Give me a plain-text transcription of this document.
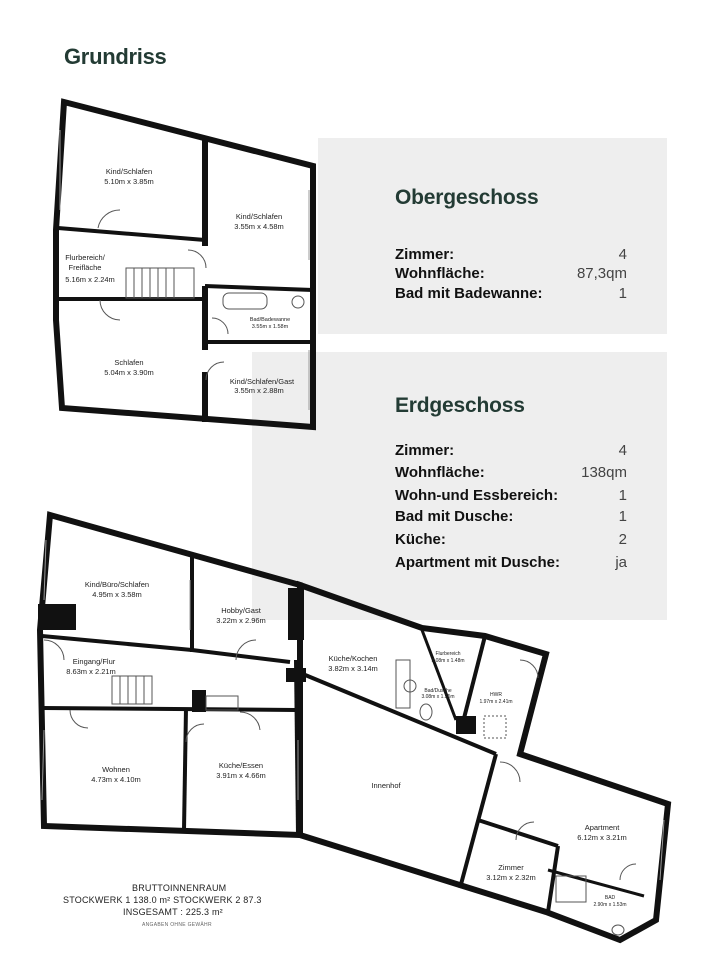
Grundriss
Obergeschoss
Zimmer:	4
Wohnfläche:	87,3qm
Bad mit Badewanne:	1
Erdgeschoss
Zimmer:	4
Wohnfläche:	138qm
Wohn-und Essbereich:	1
Bad mit Dusche:	1
Küche:	2
Apartment mit Dusche:	ja
Kind/Schlafen
5.10m x 3.85m
Kind/Schlafen
3.55m x 4.58m
Flurbereich/
Freifläche
5.16m x 2.24m
Schlafen
5.04m x 3.90m
Kind/Schlafen/Gast
3.55m x 2.88m
Bad/Badewanne
3.55m x 1.58m
Kind/Büro/Schlafen
4.95m x 3.58m
Hobby/Gast
3.22m x 2.96m
Küche/Kochen
3.82m x 3.14m
Eingang/Flur
8.63m x 2.21m
Wohnen
4.73m x 4.10m
Küche/Essen
3.91m x 4.66m
Innenhof
Apartment
6.12m x 3.21m
Zimmer
3.12m x 2.32m
Flurbereich
3.08m x 1.48m
Bad/Dusche
3.08m x 1.55m	HWR
1.97m x 2.41m
BAD
2.90m x 1.53m
BRUTTOINNENRAUM
STOCKWERK 1 138.0 m² STOCKWERK 2 87.3
INSGESAMT : 225.3 m²
ANGABEN OHNE GEWÄHR
